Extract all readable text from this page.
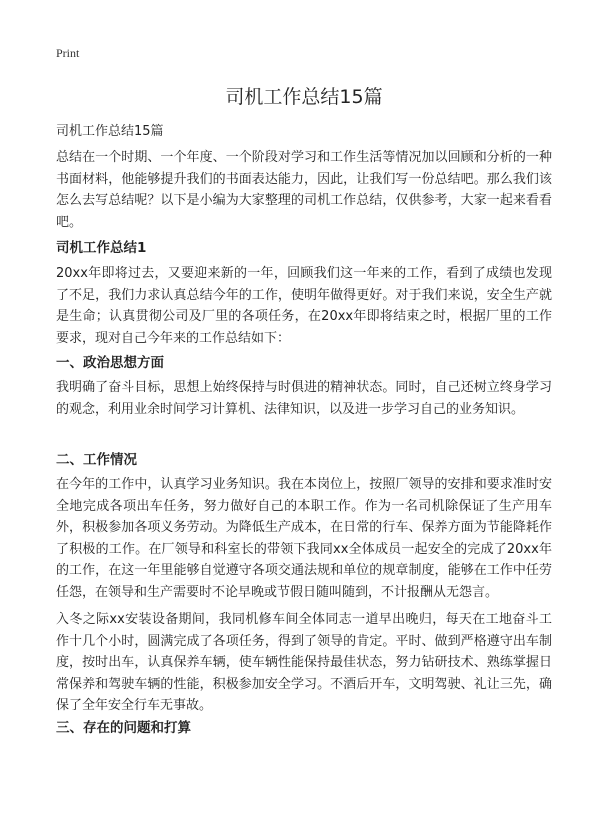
Print
司机工作总结15篇
司机工作总结15篇

总结在一个时期、一个年度、一个阶段对学习和工作生活等情况加以回顾和分析的一种书面材料，他能够提升我们的书面表达能力，因此，让我们写一份总结吧。那么我们该怎么去写总结呢？以下是小编为大家整理的司机工作总结，仅供参考，大家一起来看看吧。

司机工作总结1

20xx年即将过去，又要迎来新的一年，回顾我们这一年来的工作，看到了成绩也发现了不足，我们力求认真总结今年的工作，使明年做得更好。对于我们来说，安全生产就是生命；认真贯彻公司及厂里的各项任务，在20xx年即将结束之时，根据厂里的工作要求，现对自己今年来的工作总结如下：

一、政治思想方面

我明确了奋斗目标，思想上始终保持与时俱进的精神状态。同时，自己还树立终身学习的观念，利用业余时间学习计算机、法律知识，以及进一步学习自己的业务知识。

二、工作情况

在今年的工作中，认真学习业务知识。我在本岗位上，按照厂领导的安排和要求准时安全地完成各项出车任务，努力做好自己的本职工作。作为一名司机除保证了生产用车外，积极参加各项义务劳动。为降低生产成本，在日常的行车、保养方面为节能降耗作了积极的工作。在厂领导和科室长的带领下我同xx全体成员一起安全的完成了20xx年的工作，在这一年里能够自觉遵守各项交通法规和单位的规章制度，能够在工作中任劳任怨，在领导和生产需要时不论早晚或节假日随叫随到，不计报酬从无怨言。

入冬之际xx安装设备期间，我同机修车间全体同志一道早出晚归，每天在工地奋斗工作十几个小时，圆满完成了各项任务，得到了领导的肯定。平时、做到严格遵守出车制度，按时出车，认真保养车辆，使车辆性能保持最佳状态，努力钻研技术、熟练掌握日常保养和驾驶车辆的性能，积极参加安全学习。不酒后开车，文明驾驶、礼让三先，确保了全年安全行车无事故。

三、存在的问题和打算
